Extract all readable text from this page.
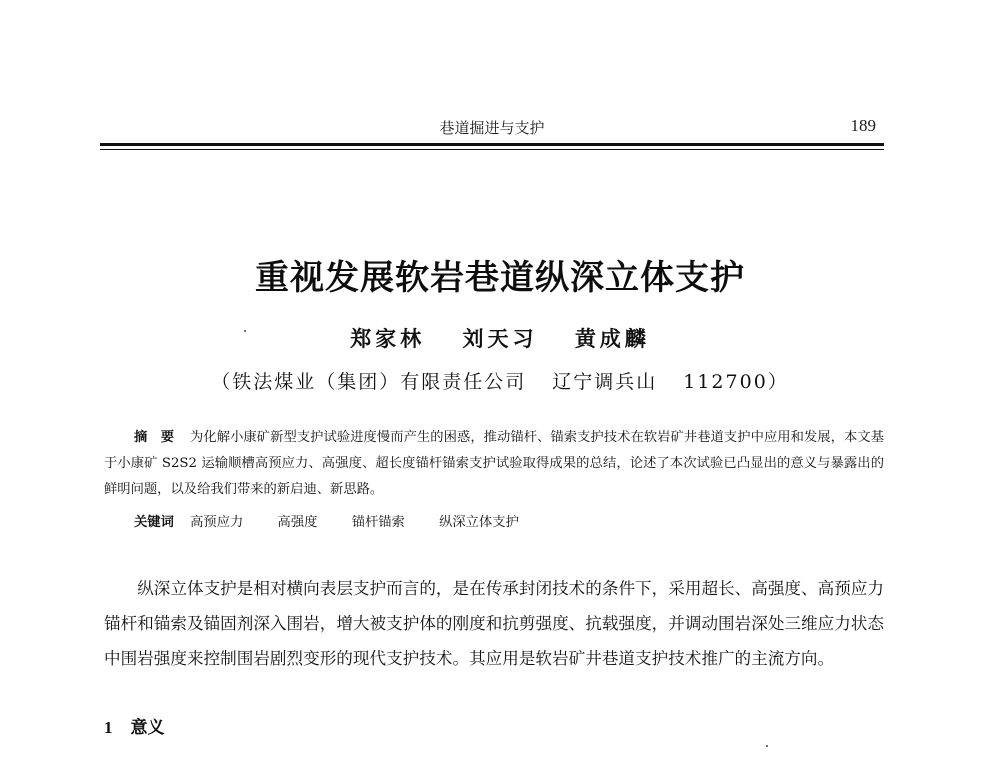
巷道掘进与支护	189
重视发展软岩巷道纵深立体支护
郑家林 刘天习 黄成麟
（铁法煤业（集团）有限责任公司 辽宁调兵山 112700）
摘　要 为化解小康矿新型支护试验进度慢而产生的困惑，推动锚杆、锚索支护技术在软岩矿井巷道支护中应用和发展，本文基于小康矿 S2S2 运输顺槽高预应力、高强度、超长度锚杆锚索支护试验取得成果的总结，论述了本次试验已凸显出的意义与暴露出的鲜明问题，以及给我们带来的新启迪、新思路。
关键词 高预应力	高强度	锚杆锚索	纵深立体支护
纵深立体支护是相对横向表层支护而言的，是在传承封闭技术的条件下，采用超长、高强度、高预应力锚杆和锚索及锚固剂深入围岩，增大被支护体的刚度和抗剪强度、抗载强度，并调动围岩深处三维应力状态中围岩强度来控制围岩剧烈变形的现代支护技术。其应用是软岩矿井巷道支护技术推广的主流方向。
1 意义
